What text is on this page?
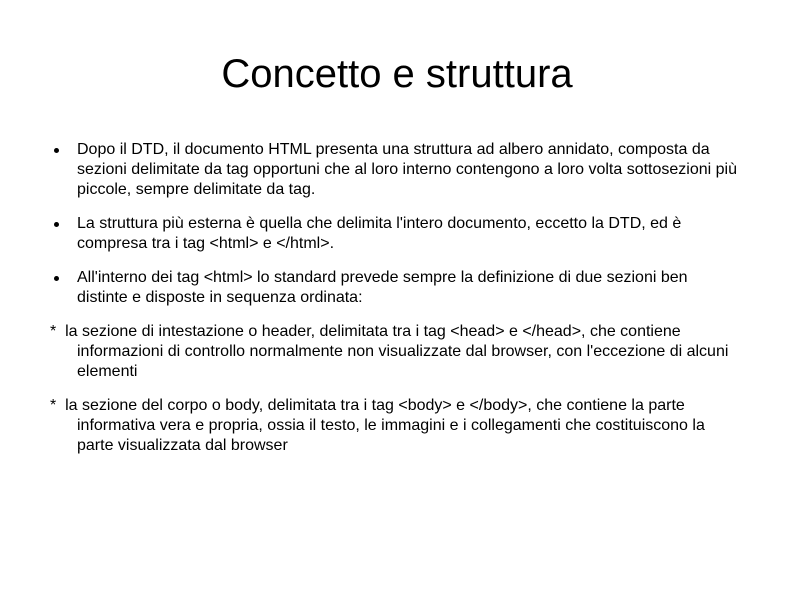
Concetto e struttura
Dopo il DTD, il documento HTML presenta una struttura ad albero annidato, composta da sezioni delimitate da tag opportuni che al loro interno contengono a loro volta sottosezioni più piccole, sempre delimitate da tag.
La struttura più esterna è quella che delimita l'intero documento, eccetto la DTD, ed è compresa tra i tag <html> e </html>.
All'interno dei tag <html> lo standard prevede sempre la definizione di due sezioni ben distinte e disposte in sequenza ordinata:
*  la sezione di intestazione o header, delimitata tra i tag <head> e </head>, che contiene informazioni di controllo normalmente non visualizzate dal browser, con l'eccezione di alcuni elementi
*  la sezione del corpo o body, delimitata tra i tag <body> e </body>, che contiene la parte informativa vera e propria, ossia il testo, le immagini e i collegamenti che costituiscono la parte visualizzata dal browser
